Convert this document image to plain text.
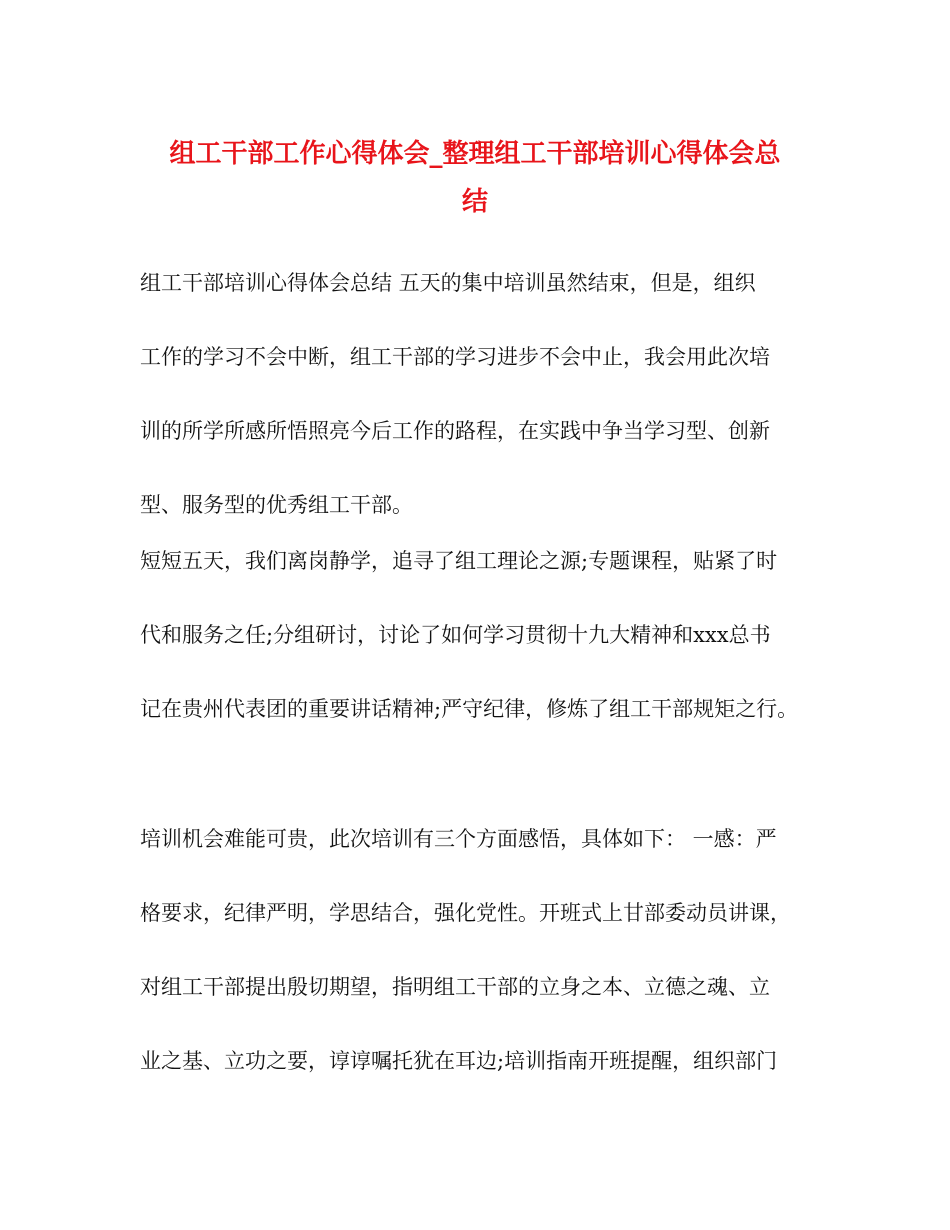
组工干部工作心得体会_整理组工干部培训心得体会总
结
组工干部培训心得体会总结 五天的集中培训虽然结束，但是，组织
工作的学习不会中断，组工干部的学习进步不会中止，我会用此次培
训的所学所感所悟照亮今后工作的路程，在实践中争当学习型、创新
型、服务型的优秀组工干部。
短短五天，我们离岗静学，追寻了组工理论之源;专题课程，贴紧了时
代和服务之任;分组研讨，讨论了如何学习贯彻十九大精神和xxx总书
记在贵州代表团的重要讲话精神;严守纪律，修炼了组工干部规矩之行。
培训机会难能可贵，此次培训有三个方面感悟，具体如下： 一感：严
格要求，纪律严明，学思结合，强化党性。开班式上甘部委动员讲课，
对组工干部提出殷切期望，指明组工干部的立身之本、立德之魂、立
业之基、立功之要，谆谆嘱托犹在耳边;培训指南开班提醒，组织部门
